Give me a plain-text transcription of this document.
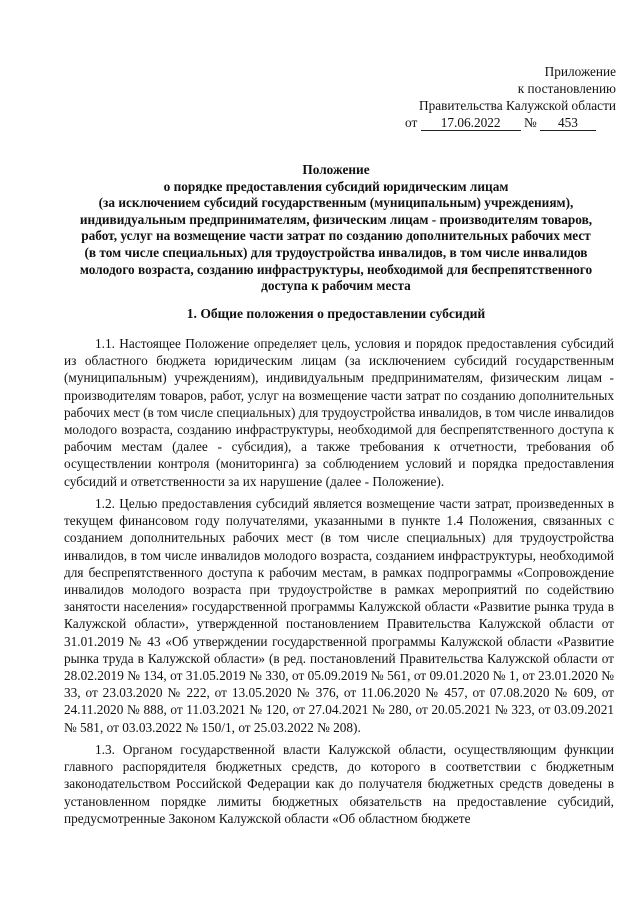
Приложение
к постановлению
Правительства Калужской области
от 17.06.2022 № 453
Положение
о порядке предоставления субсидий юридическим лицам
(за исключением субсидий государственным (муниципальным) учреждениям),
индивидуальным предпринимателям, физическим лицам - производителям товаров,
работ, услуг на возмещение части затрат по созданию дополнительных рабочих мест
(в том числе специальных) для трудоустройства инвалидов, в том числе инвалидов
молодого возраста, созданию инфраструктуры, необходимой для беспрепятственного
доступа к рабочим места
1. Общие положения о предоставлении субсидий

1.1. Настоящее Положение определяет цель, условия и порядок предоставления субсидий из областного бюджета юридическим лицам (за исключением субсидий государственным (муниципальным) учреждениям), индивидуальным предпринимателям, физическим лицам - производителям товаров, работ, услуг на возмещение части затрат по созданию дополнительных рабочих мест (в том числе специальных) для трудоустройства инвалидов, в том числе инвалидов молодого возраста, созданию инфраструктуры, необходимой для беспрепятственного доступа к рабочим местам (далее - субсидия), а также требования к отчетности, требования об осуществлении контроля (мониторинга) за соблюдением условий и порядка предоставления субсидий и ответственности за их нарушение (далее - Положение).

1.2. Целью предоставления субсидий является возмещение части затрат, произведенных в текущем финансовом году получателями, указанными в пункте 1.4 Положения, связанных с созданием дополнительных рабочих мест (в том числе специальных) для трудоустройства инвалидов, в том числе инвалидов молодого возраста, созданием инфраструктуры, необходимой для беспрепятственного доступа к рабочим местам, в рамках подпрограммы «Сопровождение инвалидов молодого возраста при трудоустройстве в рамках мероприятий по содействию занятости населения» государственной программы Калужской области «Развитие рынка труда в Калужской области», утвержденной постановлением Правительства Калужской области от 31.01.2019 № 43 «Об утверждении государственной программы Калужской области «Развитие рынка труда в Калужской области» (в ред. постановлений Правительства Калужской области от 28.02.2019 № 134, от 31.05.2019 № 330, от 05.09.2019 № 561, от 09.01.2020 № 1, от 23.01.2020 № 33, от 23.03.2020 № 222, от 13.05.2020 № 376, от 11.06.2020 № 457, от 07.08.2020 № 609, от 24.11.2020 № 888, от 11.03.2021 № 120, от 27.04.2021 № 280, от 20.05.2021 № 323, от 03.09.2021 № 581, от 03.03.2022 № 150/1, от 25.03.2022 № 208).

1.3. Органом государственной власти Калужской области, осуществляющим функции главного распорядителя бюджетных средств, до которого в соответствии с бюджетным законодательством Российской Федерации как до получателя бюджетных средств доведены в установленном порядке лимиты бюджетных обязательств на предоставление субсидий, предусмотренные Законом Калужской области «Об областном бюджете
